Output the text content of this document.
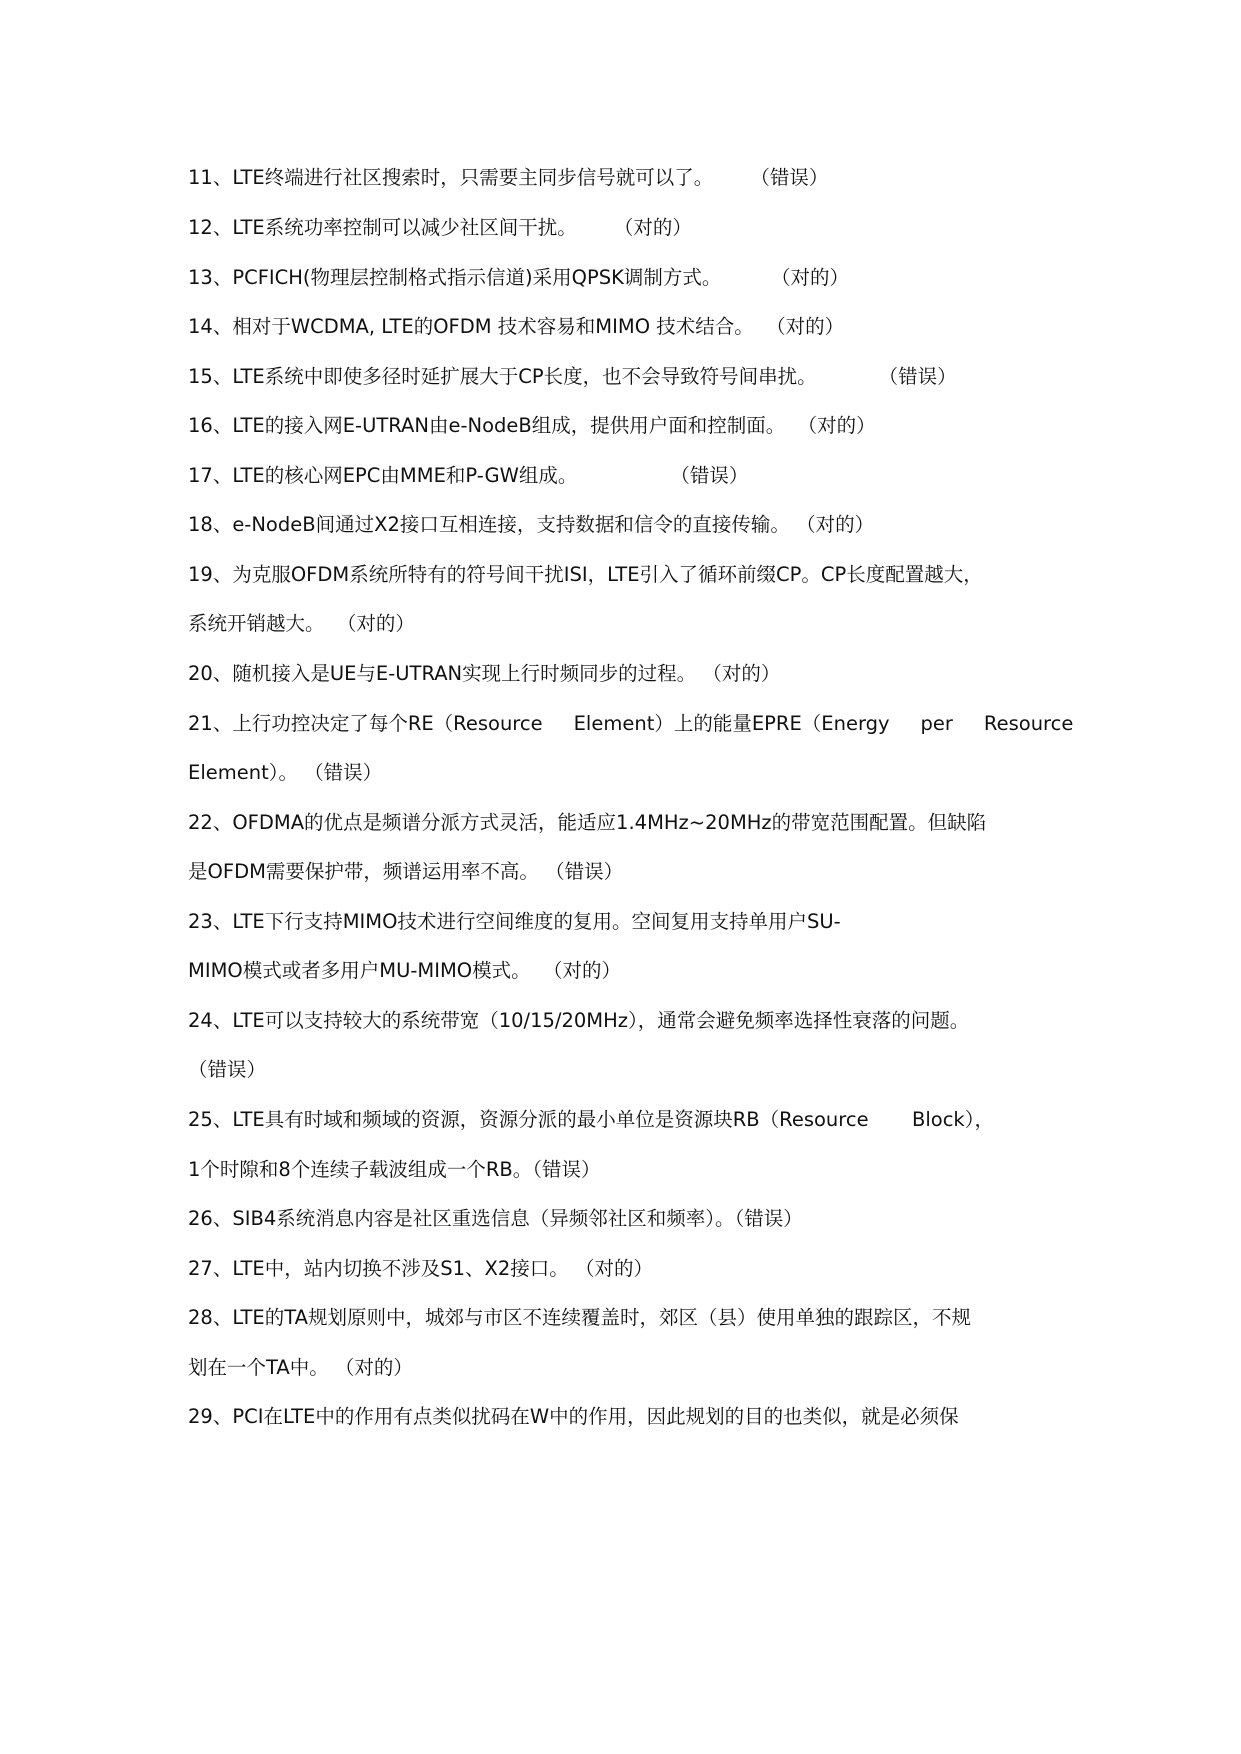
11、LTE终端进行社区搜索时，只需要主同步信号就可以了。      （错误）
12、LTE系统功率控制可以减少社区间干扰。      （对的）
13、PCFICH(物理层控制格式指示信道)采用QPSK调制方式。        （对的）
14、相对于WCDMA, LTE的OFDM 技术容易和MIMO 技术结合。  （对的）
15、LTE系统中即使多径时延扩展大于CP长度，也不会导致符号间串扰。          （错误）
16、LTE的接入网E-UTRAN由e-NodeB组成，提供用户面和控制面。  （对的）
17、LTE的核心网EPC由MME和P-GW组成。               （错误）
18、e-NodeB间通过X2接口互相连接，支持数据和信令的直接传输。 （对的）
19、为克服OFDM系统所特有的符号间干扰ISI，LTE引入了循环前缀CP。CP长度配置越大，
系统开销越大。  （对的）
20、随机接入是UE与E-UTRAN实现上行时频同步的过程。 （对的）
21、上行功控决定了每个RE（Resource     Element）上的能量EPRE（Energy     per     Resource
Element）。 （错误）
22、OFDMA的优点是频谱分派方式灵活，能适应1.4MHz~20MHz的带宽范围配置。但缺陷
是OFDM需要保护带，频谱运用率不高。 （错误）
23、LTE下行支持MIMO技术进行空间维度的复用。空间复用支持单用户SU-
MIMO模式或者多用户MU-MIMO模式。  （对的）
24、LTE可以支持较大的系统带宽（10/15/20MHz），通常会避免频率选择性衰落的问题。
（错误）
25、LTE具有时域和频域的资源，资源分派的最小单位是资源块RB（Resource       Block），
1个时隙和8个连续子载波组成一个RB。（错误）
26、SIB4系统消息内容是社区重选信息（异频邻社区和频率）。（错误）
27、LTE中，站内切换不涉及S1、X2接口。 （对的）
28、LTE的TA规划原则中，城郊与市区不连续覆盖时，郊区（县）使用单独的跟踪区，不规
划在一个TA中。 （对的）
29、PCI在LTE中的作用有点类似扰码在W中的作用，因此规划的目的也类似，就是必须保
